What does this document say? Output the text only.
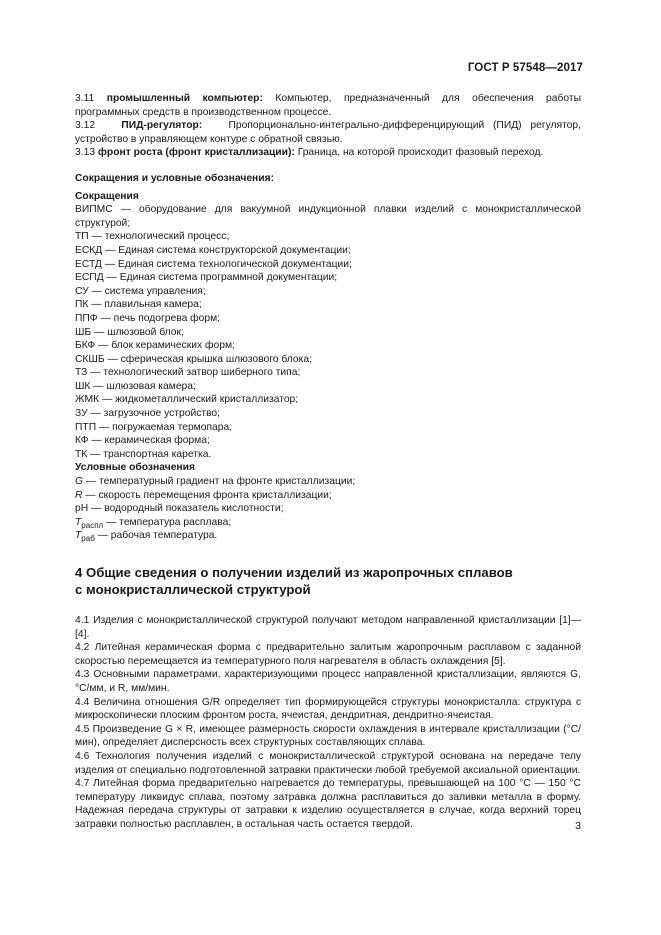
ГОСТ Р 57548—2017

3.11 промышленный компьютер: Компьютер, предназначенный для обеспечения работы программных средств в производственном процессе.

3.12	ПИД-регулятор:	Пропорционально-интегрально-дифференцирующий (ПИД) регулятор, устройство в управляющем контуре с обратной связью.

3.13 фронт роста (фронт кристаллизации): Граница, на которой происходит фазовый переход.

Сокращения и условные обозначения:

Сокращения

ВИПМС — оборудование для вакуумной индукционной плавки изделий с монокристаллической структурой;
ТП — технологический процесс;
ЕСКД — Единая система конструкторской документации;
ЕСТД — Единая система технологической документации;
ЕСПД — Единая система программной документации;
СУ — система управления;
ПК — плавильная камера;
ППФ — печь подогрева форм;
ШБ — шлюзовой блок;
БКФ — блок керамических форм;
СКШБ — сферическая крышка шлюзового блока;
ТЗ — технологический затвор шиберного типа;
ШК — шлюзовая камера;
ЖМК — жидкометаллический кристаллизатор;
ЗУ — загрузочное устройство;
ПТП — погружаемая термопара;
КФ — керамическая форма;
ТК — транспортная каретка.

Условные обозначения

G — температурный градиент на фронте кристаллизации;
R — скорость перемещения фронта кристаллизации;
pH — водородный показатель кислотности;
$T_{распл}$ — температура расплава;
$T_{раб}$ — рабочая температура.
4 Общие сведения о получении изделий из жаропрочных сплавов
с монокристаллической структурой

4.1 Изделия с монокристаллической структурой получают методом направленной кристаллизации [1]—[4].

4.2 Литейная керамическая форма с предварительно залитым жаропрочным расплавом с заданной скоростью перемещается из температурного поля нагревателя в область охлаждения [5].

4.3 Основными параметрами, характеризующими процесс направленной кристаллизации, являются G, °С/мм, и R, мм/мин.

4.4 Величина отношения G/R определяет тип формирующейся структуры монокристалла: структура с микроскопически плоским фронтом роста, ячеистая, дендритная, дендритно-ячеистая.

4.5 Произведение G × R, имеющее размерность скорости охлаждения в интервале кристаллизации (°С/мин), определяет дисперсность всех структурных составляющих сплава.

4.6 Технология получения изделий с монокристаллической структурой основана на передаче телу изделия от специально подготовленной затравки практически любой требуемой аксиальной ориентации.

4.7 Литейная форма предварительно нагревается до температуры, превышающей на 100 °С — 150 °С температуру ликвидус сплава, поэтому затравка должна расплавиться до заливки металла в форму. Надежная передача структуры от затравки к изделию осуществляется в случае, когда верхний торец затравки полностью расплавлен, в остальная часть остается твердой.	3
